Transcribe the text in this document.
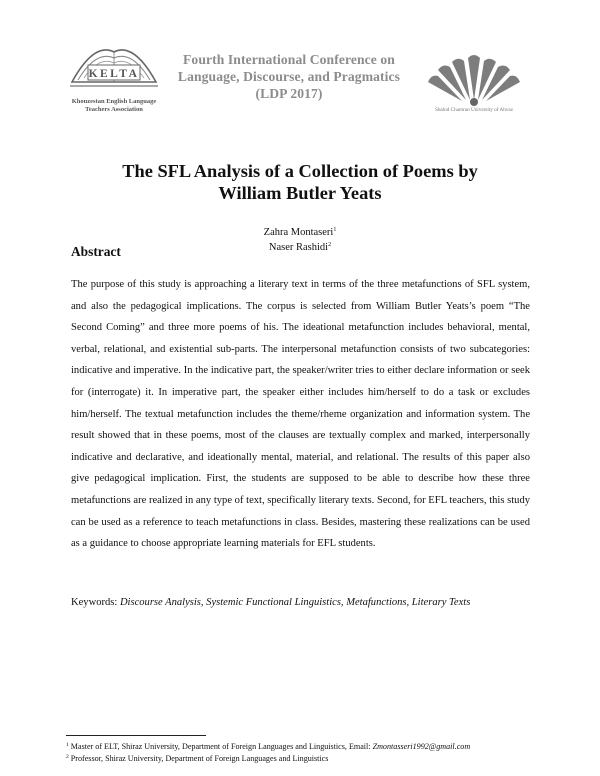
KELTA
Khouzestan English Language
Teachers Association
Fourth International Conference on
Language, Discourse, and Pragmatics
(LDP 2017)
Shahid Chamran University of Ahvaz
The SFL Analysis of a Collection of Poems by
William Butler Yeats
Zahra Montaseri$^1$
Naser Rashidi$^2$
Abstract

The purpose of this study is approaching a literary text in terms of the three metafunctions of SFL system, and also the pedagogical implications. The corpus is selected from William Butler Yeats’s poem “The Second Coming” and three more poems of his. The ideational metafunction includes behavioral, mental, verbal, relational, and existential sub-parts. The interpersonal metafunction consists of two subcategories: indicative and imperative. In the indicative part, the speaker/writer tries to either declare information or seek for (interrogate) it. In imperative part, the speaker either includes him/herself to do a task or excludes him/herself. The textual metafunction includes the theme/rheme organization and information system. The result showed that in these poems, most of the clauses are textually complex and marked, interpersonally indicative and declarative, and ideationally mental, material, and relational. The results of this paper also give pedagogical implication. First, the students are supposed to be able to describe how these three metafunctions are realized in any type of text, specifically literary texts. Second, for EFL teachers, this study can be used as a reference to teach metafunctions in class. Besides, mastering these realizations can be used as a guidance to choose appropriate learning materials for EFL students.

Keywords: Discourse Analysis, Systemic Functional Linguistics, Metafunctions, Literary Texts
$^1$ Master of ELT, Shiraz University, Department of Foreign Languages and Linguistics, Email: Zmontasseri1992@gmail.com
$^2$ Professor, Shiraz University, Department of Foreign Languages and Linguistics
